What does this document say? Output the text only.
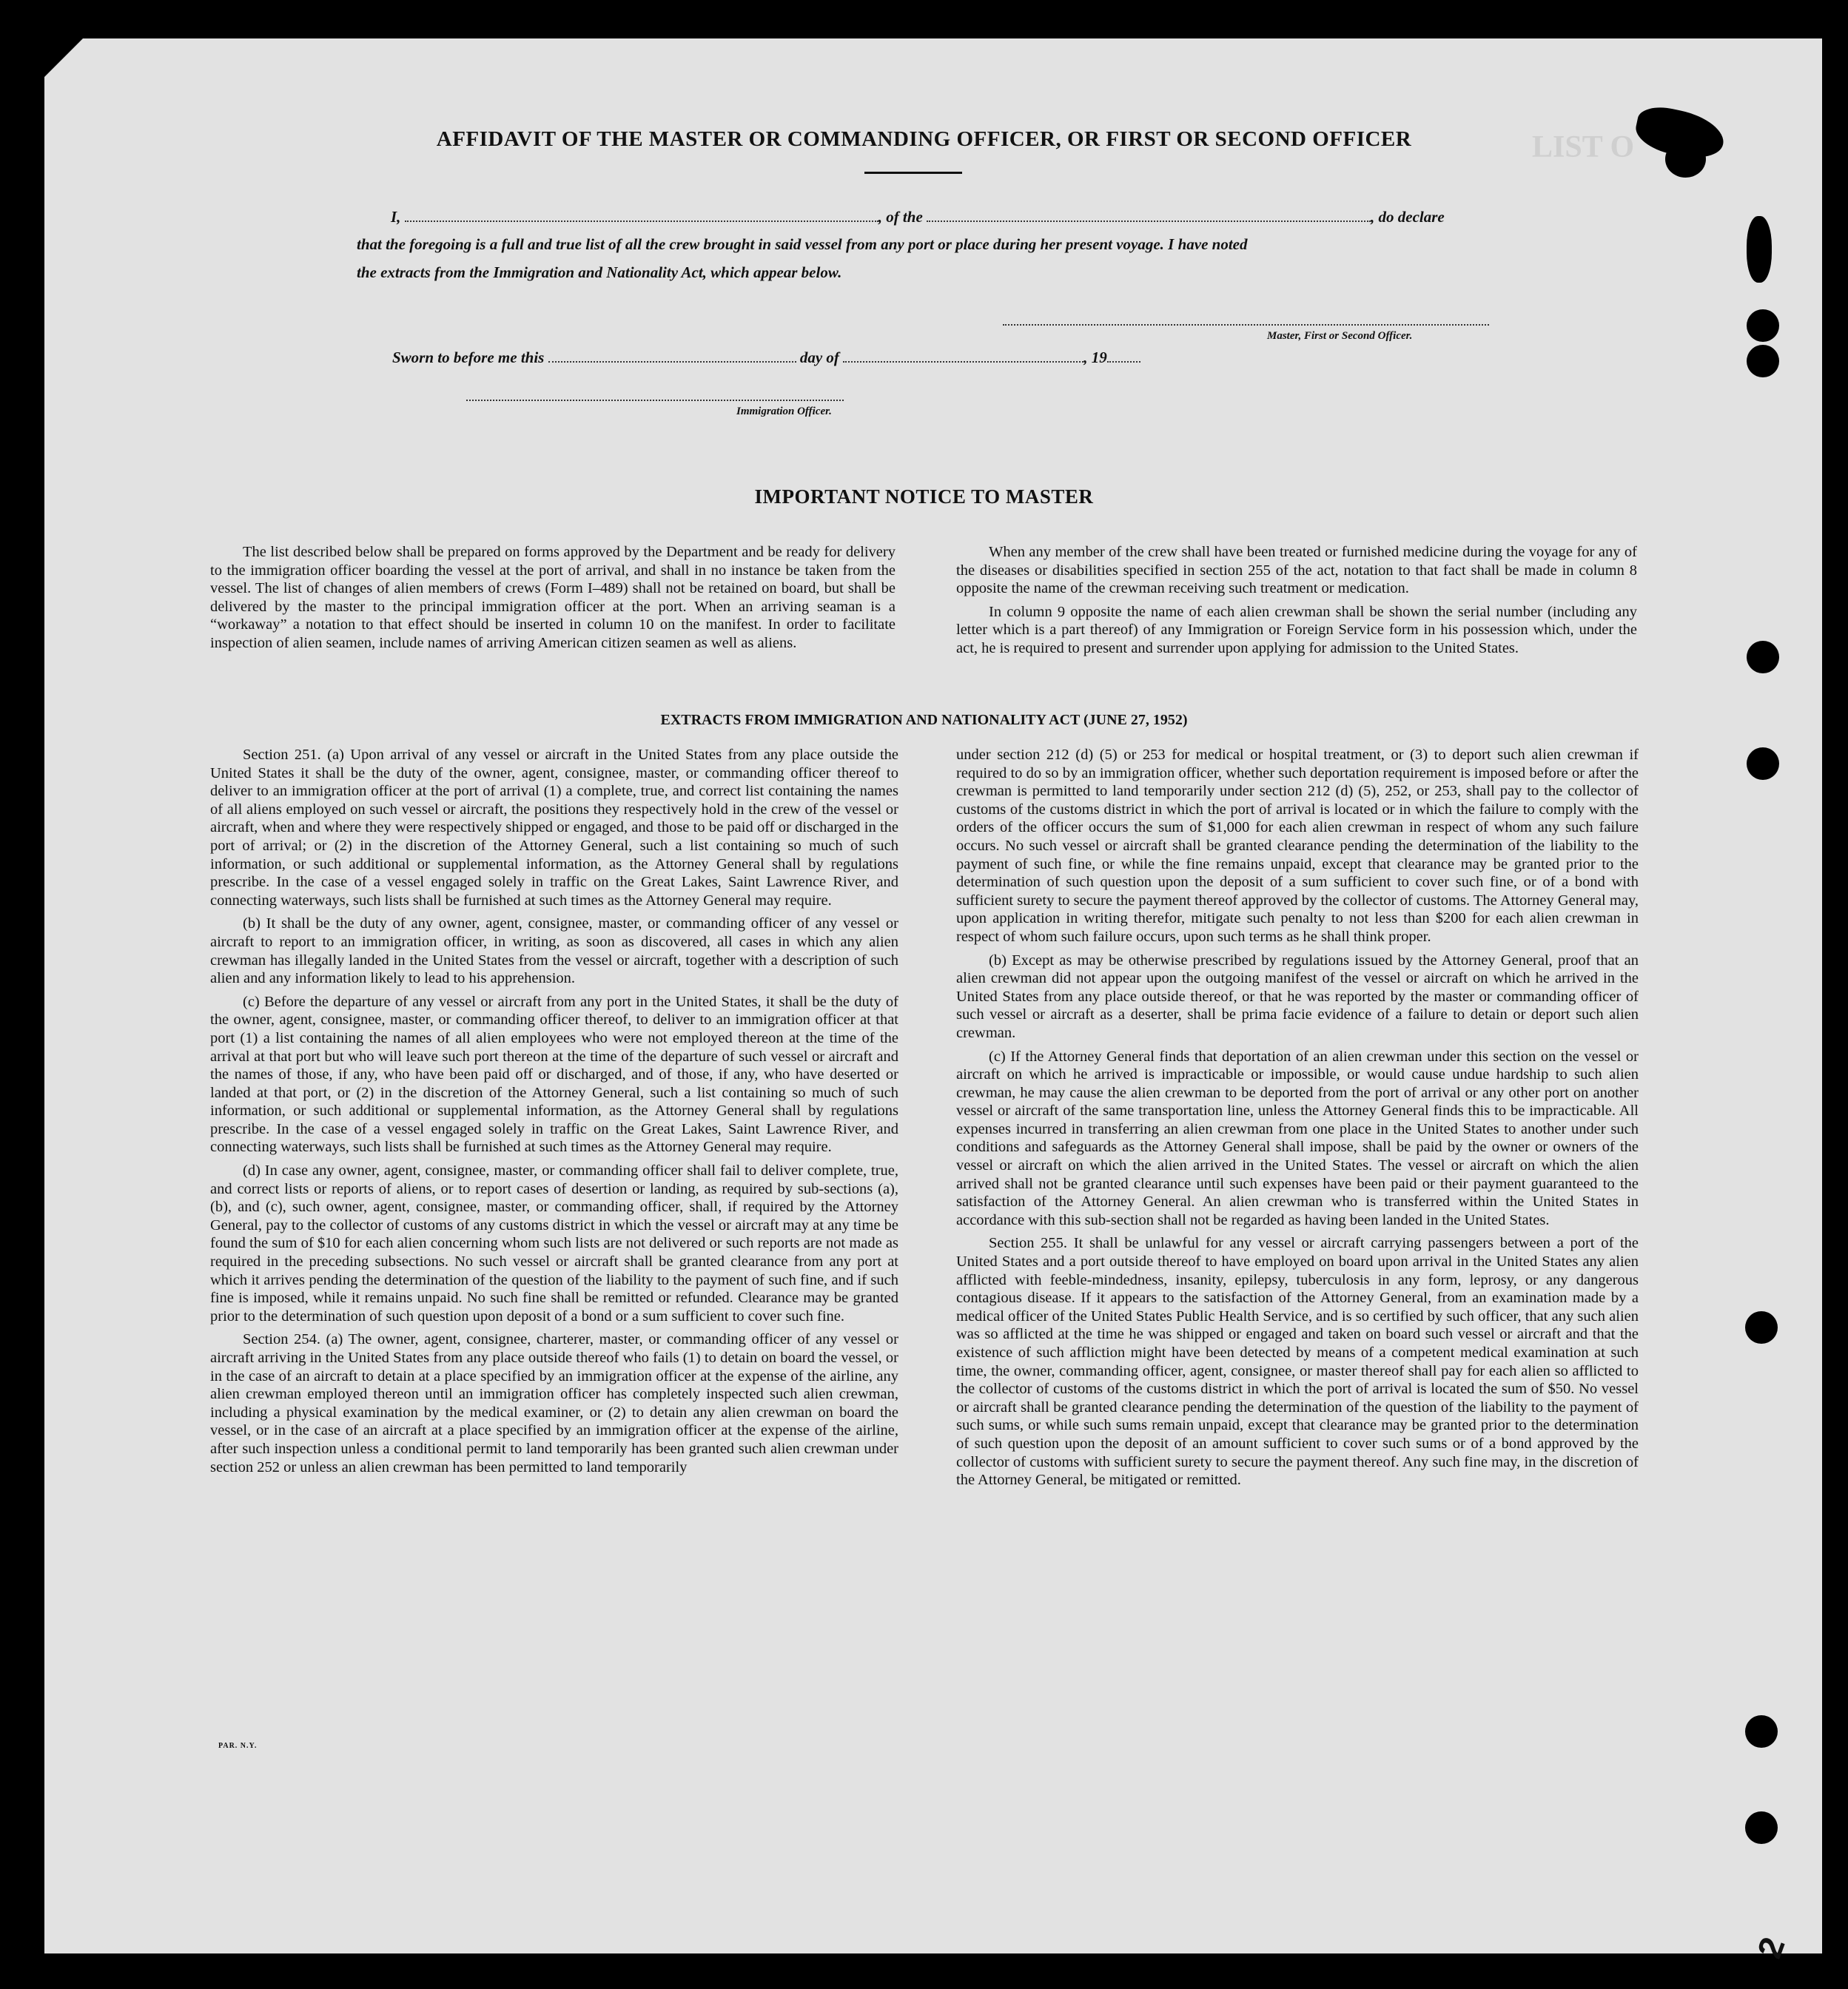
LIST O
AFFIDAVIT OF THE MASTER OR COMMANDING OFFICER, OR FIRST OR SECOND OFFICER
I,	, of the	, do declare
that the foregoing is a full and true list of all the crew brought in said vessel from any port or place during her present voyage. I have noted
the extracts from the Immigration and Nationality Act, which appear below.
Master, First or Second Officer.
Sworn to before me this	day of	, 19
Immigration Officer.
IMPORTANT NOTICE TO MASTER

The list described below shall be prepared on forms approved by the Department and be ready for delivery to the immigration officer boarding the vessel at the port of arrival, and shall in no instance be taken from the vessel. The list of changes of alien members of crews (Form I–489) shall not be retained on board, but shall be delivered by the master to the principal immigration officer at the port. When an arriving seaman is a “workaway” a notation to that effect should be inserted in column 10 on the manifest. In order to facilitate inspection of alien seamen, include names of arriving American citizen seamen as well as aliens.

When any member of the crew shall have been treated or furnished medicine during the voyage for any of the diseases or disabilities specified in section 255 of the act, notation to that fact shall be made in column 8 opposite the name of the crewman receiving such treatment or medication.

In column 9 opposite the name of each alien crewman shall be shown the serial number (including any letter which is a part thereof) of any Immigration or Foreign Service form in his possession which, under the act, he is required to present and surrender upon applying for admission to the United States.

EXTRACTS FROM IMMIGRATION AND NATIONALITY ACT (JUNE 27, 1952)

Section 251. (a) Upon arrival of any vessel or aircraft in the United States from any place outside the United States it shall be the duty of the owner, agent, consignee, master, or commanding officer thereof to deliver to an immigration officer at the port of arrival (1) a complete, true, and correct list containing the names of all aliens employed on such vessel or aircraft, the positions they respectively hold in the crew of the vessel or aircraft, when and where they were respectively shipped or engaged, and those to be paid off or discharged in the port of arrival; or (2) in the discretion of the Attorney General, such a list containing so much of such information, or such additional or supplemental information, as the Attorney General shall by regulations prescribe. In the case of a vessel engaged solely in traffic on the Great Lakes, Saint Lawrence River, and connecting waterways, such lists shall be furnished at such times as the Attorney General may require.

(b) It shall be the duty of any owner, agent, consignee, master, or commanding officer of any vessel or aircraft to report to an immigration officer, in writing, as soon as discovered, all cases in which any alien crewman has illegally landed in the United States from the vessel or aircraft, together with a description of such alien and any information likely to lead to his apprehension.

(c) Before the departure of any vessel or aircraft from any port in the United States, it shall be the duty of the owner, agent, consignee, master, or commanding officer thereof, to deliver to an immigration officer at that port (1) a list containing the names of all alien employees who were not employed thereon at the time of the arrival at that port but who will leave such port thereon at the time of the departure of such vessel or aircraft and the names of those, if any, who have been paid off or discharged, and of those, if any, who have deserted or landed at that port, or (2) in the discretion of the Attorney General, such a list containing so much of such information, or such additional or supplemental information, as the Attorney General shall by regulations prescribe. In the case of a vessel engaged solely in traffic on the Great Lakes, Saint Lawrence River, and connecting waterways, such lists shall be furnished at such times as the Attorney General may require.

(d) In case any owner, agent, consignee, master, or commanding officer shall fail to deliver complete, true, and correct lists or reports of aliens, or to report cases of desertion or landing, as required by sub-sections (a), (b), and (c), such owner, agent, consignee, master, or commanding officer, shall, if required by the Attorney General, pay to the collector of customs of any customs district in which the vessel or aircraft may at any time be found the sum of $10 for each alien concerning whom such lists are not delivered or such reports are not made as required in the preceding subsections. No such vessel or aircraft shall be granted clearance from any port at which it arrives pending the determination of the question of the liability to the payment of such fine, and if such fine is imposed, while it remains unpaid. No such fine shall be remitted or refunded. Clearance may be granted prior to the determination of such question upon deposit of a bond or a sum sufficient to cover such fine.

Section 254. (a) The owner, agent, consignee, charterer, master, or commanding officer of any vessel or aircraft arriving in the United States from any place outside thereof who fails (1) to detain on board the vessel, or in the case of an aircraft to detain at a place specified by an immigration officer at the expense of the airline, any alien crewman employed thereon until an immigration officer has completely inspected such alien crewman, including a physical examination by the medical examiner, or (2) to detain any alien crewman on board the vessel, or in the case of an aircraft at a place specified by an immigration officer at the expense of the airline, after such inspection unless a conditional permit to land temporarily has been granted such alien crewman under section 252 or unless an alien crewman has been permitted to land temporarily

under section 212 (d) (5) or 253 for medical or hospital treatment, or (3) to deport such alien crewman if required to do so by an immigration officer, whether such deportation requirement is imposed before or after the crewman is permitted to land temporarily under section 212 (d) (5), 252, or 253, shall pay to the collector of customs of the customs district in which the port of arrival is located or in which the failure to comply with the orders of the officer occurs the sum of $1,000 for each alien crewman in respect of whom any such failure occurs. No such vessel or aircraft shall be granted clearance pending the determination of the liability to the payment of such fine, or while the fine remains unpaid, except that clearance may be granted prior to the determination of such question upon the deposit of a sum sufficient to cover such fine, or of a bond with sufficient surety to secure the payment thereof approved by the collector of customs. The Attorney General may, upon application in writing therefor, mitigate such penalty to not less than $200 for each alien crewman in respect of whom such failure occurs, upon such terms as he shall think proper.

(b) Except as may be otherwise prescribed by regulations issued by the Attorney General, proof that an alien crewman did not appear upon the outgoing manifest of the vessel or aircraft on which he arrived in the United States from any place outside thereof, or that he was reported by the master or commanding officer of such vessel or aircraft as a deserter, shall be prima facie evidence of a failure to detain or deport such alien crewman.

(c) If the Attorney General finds that deportation of an alien crewman under this section on the vessel or aircraft on which he arrived is impracticable or impossible, or would cause undue hardship to such alien crewman, he may cause the alien crewman to be deported from the port of arrival or any other port on another vessel or aircraft of the same transportation line, unless the Attorney General finds this to be impracticable. All expenses incurred in transferring an alien crewman from one place in the United States to another under such conditions and safeguards as the Attorney General shall impose, shall be paid by the owner or owners of the vessel or aircraft on which the alien arrived in the United States. The vessel or aircraft on which the alien arrived shall not be granted clearance until such expenses have been paid or their payment guaranteed to the satisfaction of the Attorney General. An alien crewman who is transferred within the United States in accordance with this sub-section shall not be regarded as having been landed in the United States.

Section 255. It shall be unlawful for any vessel or aircraft carrying passengers between a port of the United States and a port outside thereof to have employed on board upon arrival in the United States any alien afflicted with feeble-mindedness, insanity, epilepsy, tuberculosis in any form, leprosy, or any dangerous contagious disease. If it appears to the satisfaction of the Attorney General, from an examination made by a medical officer of the United States Public Health Service, and is so certified by such officer, that any such alien was so afflicted at the time he was shipped or engaged and taken on board such vessel or aircraft and that the existence of such affliction might have been detected by means of a competent medical examination at such time, the owner, commanding officer, agent, consignee, or master thereof shall pay for each alien so afflicted to the collector of customs of the customs district in which the port of arrival is located the sum of $50. No vessel or aircraft shall be granted clearance pending the determination of the question of the liability to the payment of such sums, or while such sums remain unpaid, except that clearance may be granted prior to the determination of such question upon the deposit of an amount sufficient to cover such sums or of a bond approved by the collector of customs with sufficient surety to secure the payment thereof. Any such fine may, in the discretion of the Attorney General, be mitigated or remitted.

PAR. N.Y.
2
